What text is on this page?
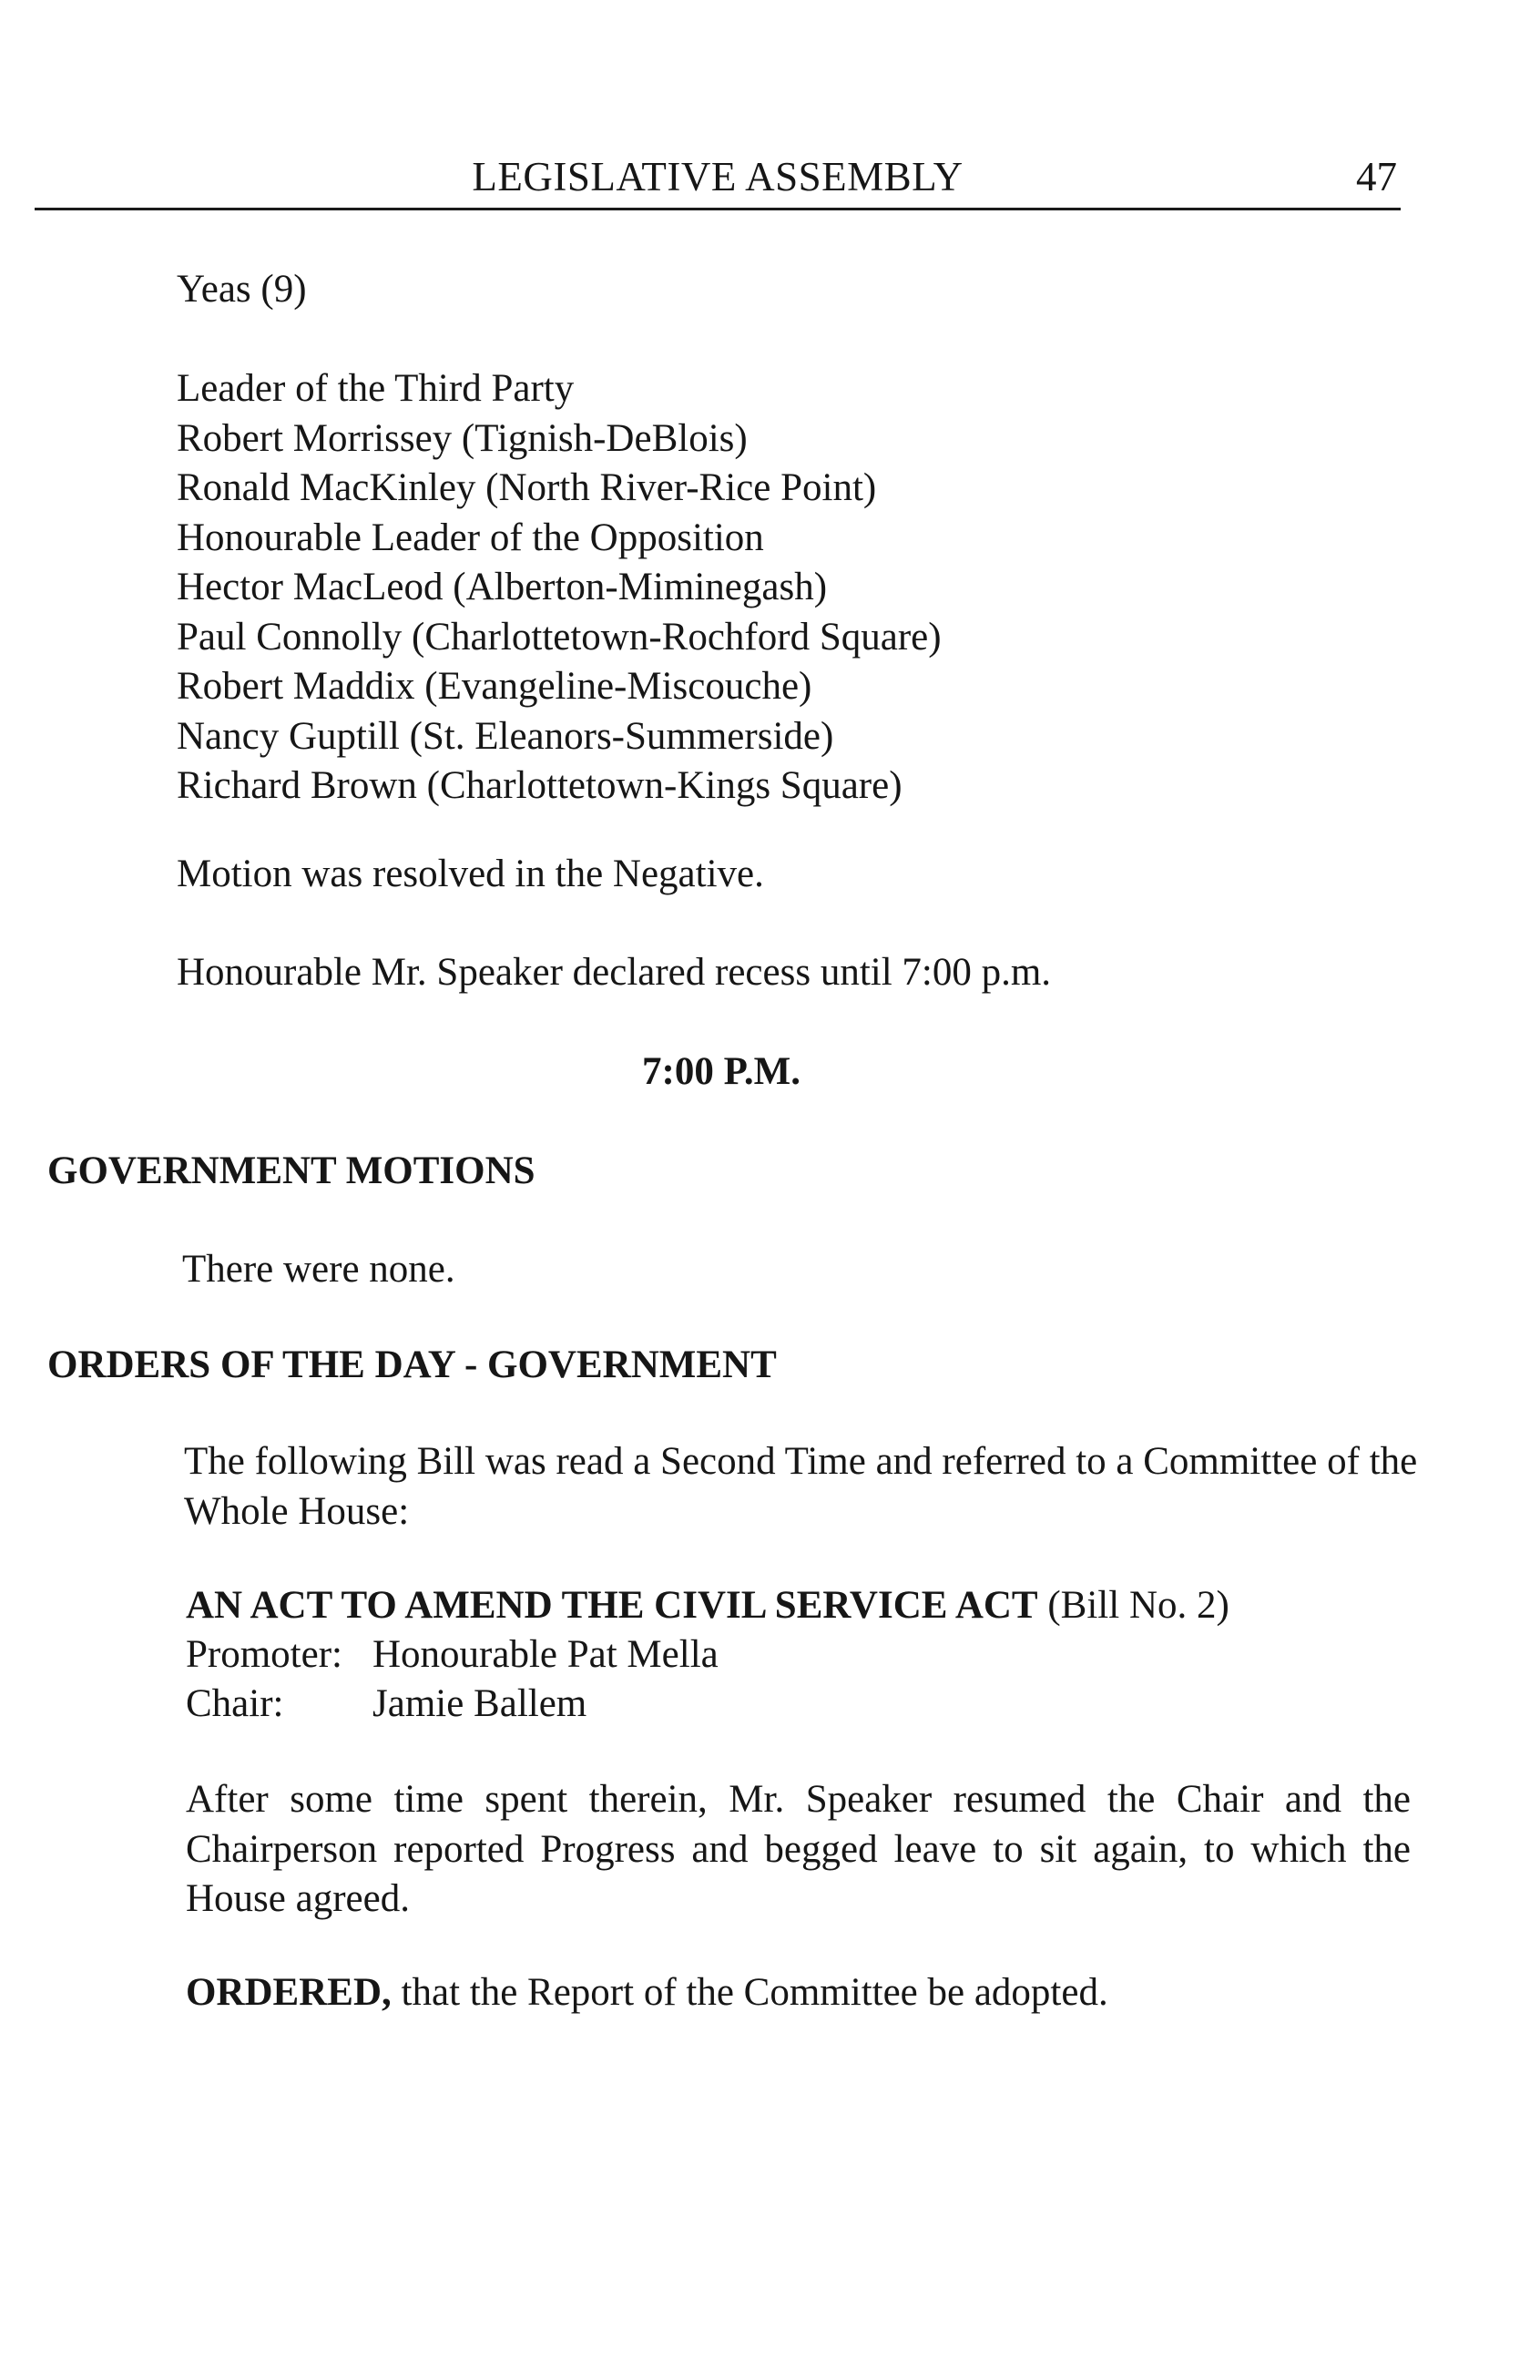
LEGISLATIVE ASSEMBLY	47
Yeas (9)
Leader of the Third Party
Robert Morrissey (Tignish-DeBlois)
Ronald MacKinley (North River-Rice Point)
Honourable Leader of the Opposition
Hector MacLeod (Alberton-Miminegash)
Paul Connolly (Charlottetown-Rochford Square)
Robert Maddix (Evangeline-Miscouche)
Nancy Guptill (St. Eleanors-Summerside)
Richard Brown (Charlottetown-Kings Square)
Motion was resolved in the Negative.
Honourable Mr. Speaker declared recess until 7:00 p.m.
7:00 P.M.
GOVERNMENT MOTIONS
There were none.
ORDERS OF THE DAY - GOVERNMENT
The following Bill was read a Second Time and referred to a Committee of the Whole House:
AN ACT TO AMEND THE CIVIL SERVICE ACT (Bill No. 2)
Promoter: Honourable Pat Mella
Chair: Jamie Ballem
After some time spent therein, Mr. Speaker resumed the Chair and the Chairperson reported Progress and begged leave to sit again, to which the House agreed.
ORDERED, that the Report of the Committee be adopted.
